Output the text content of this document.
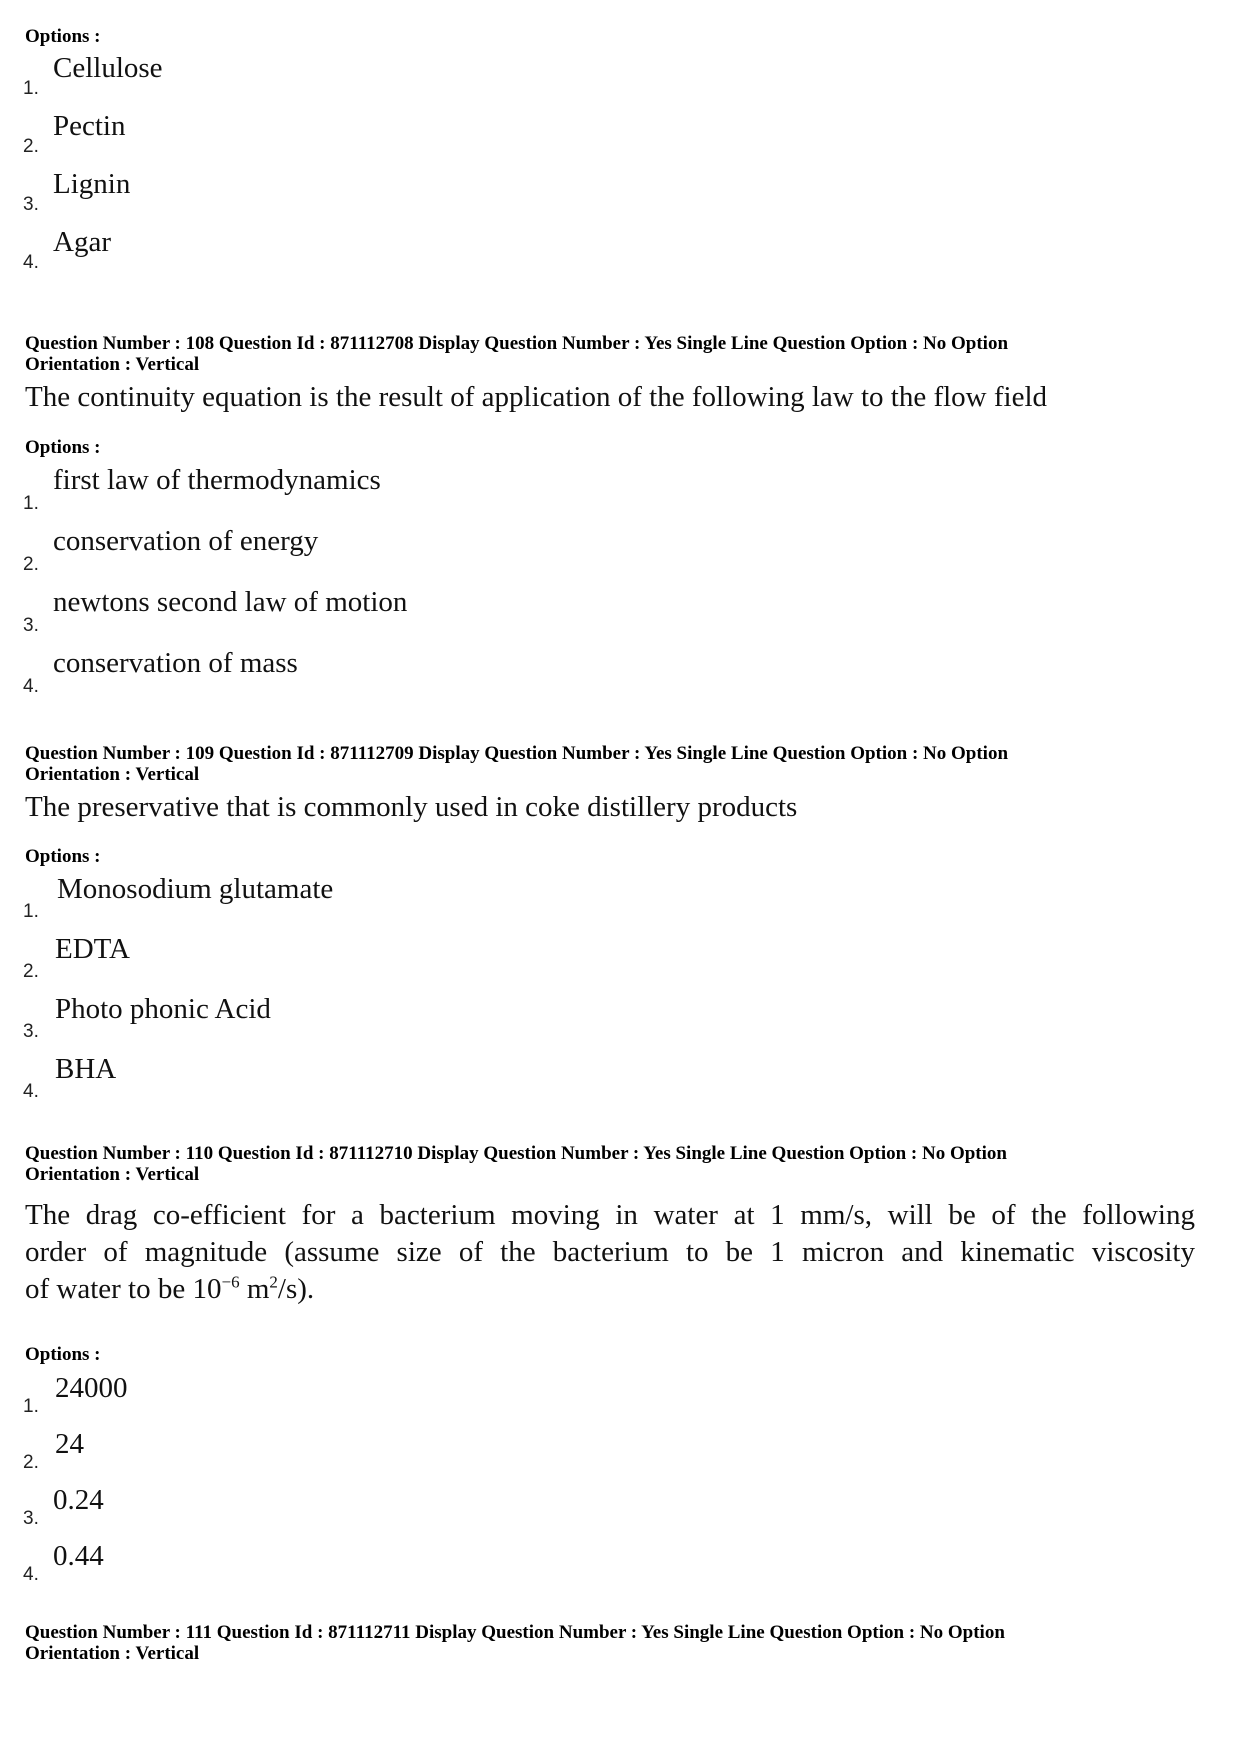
Options :
1.
Cellulose
2.
Pectin
3.
Lignin
4.
Agar
Question Number : 108 Question Id : 871112708 Display Question Number : Yes Single Line Question Option : No Option
Orientation : Vertical
The continuity equation is the result of application of the following law to the flow field
Options :
1.
first law of thermodynamics
2.
conservation of energy
3.
newtons second law of motion
4.
conservation of mass
Question Number : 109 Question Id : 871112709 Display Question Number : Yes Single Line Question Option : No Option
Orientation : Vertical
The preservative that is commonly used in coke distillery products
Options :
1.
Monosodium glutamate
2.
EDTA
3.
Photo phonic Acid
4.
BHA
Question Number : 110 Question Id : 871112710 Display Question Number : Yes Single Line Question Option : No Option
Orientation : Vertical
The drag co-efficient for a bacterium moving in water at 1 mm/s, will be of the following
order of magnitude (assume size of the bacterium to be 1 micron and kinematic viscosity
of water to be $10^{-6}$ $m^2/s$).
Options :
1.
24000
2.
24
3.
0.24
4.
0.44
Question Number : 111 Question Id : 871112711 Display Question Number : Yes Single Line Question Option : No Option
Orientation : Vertical
